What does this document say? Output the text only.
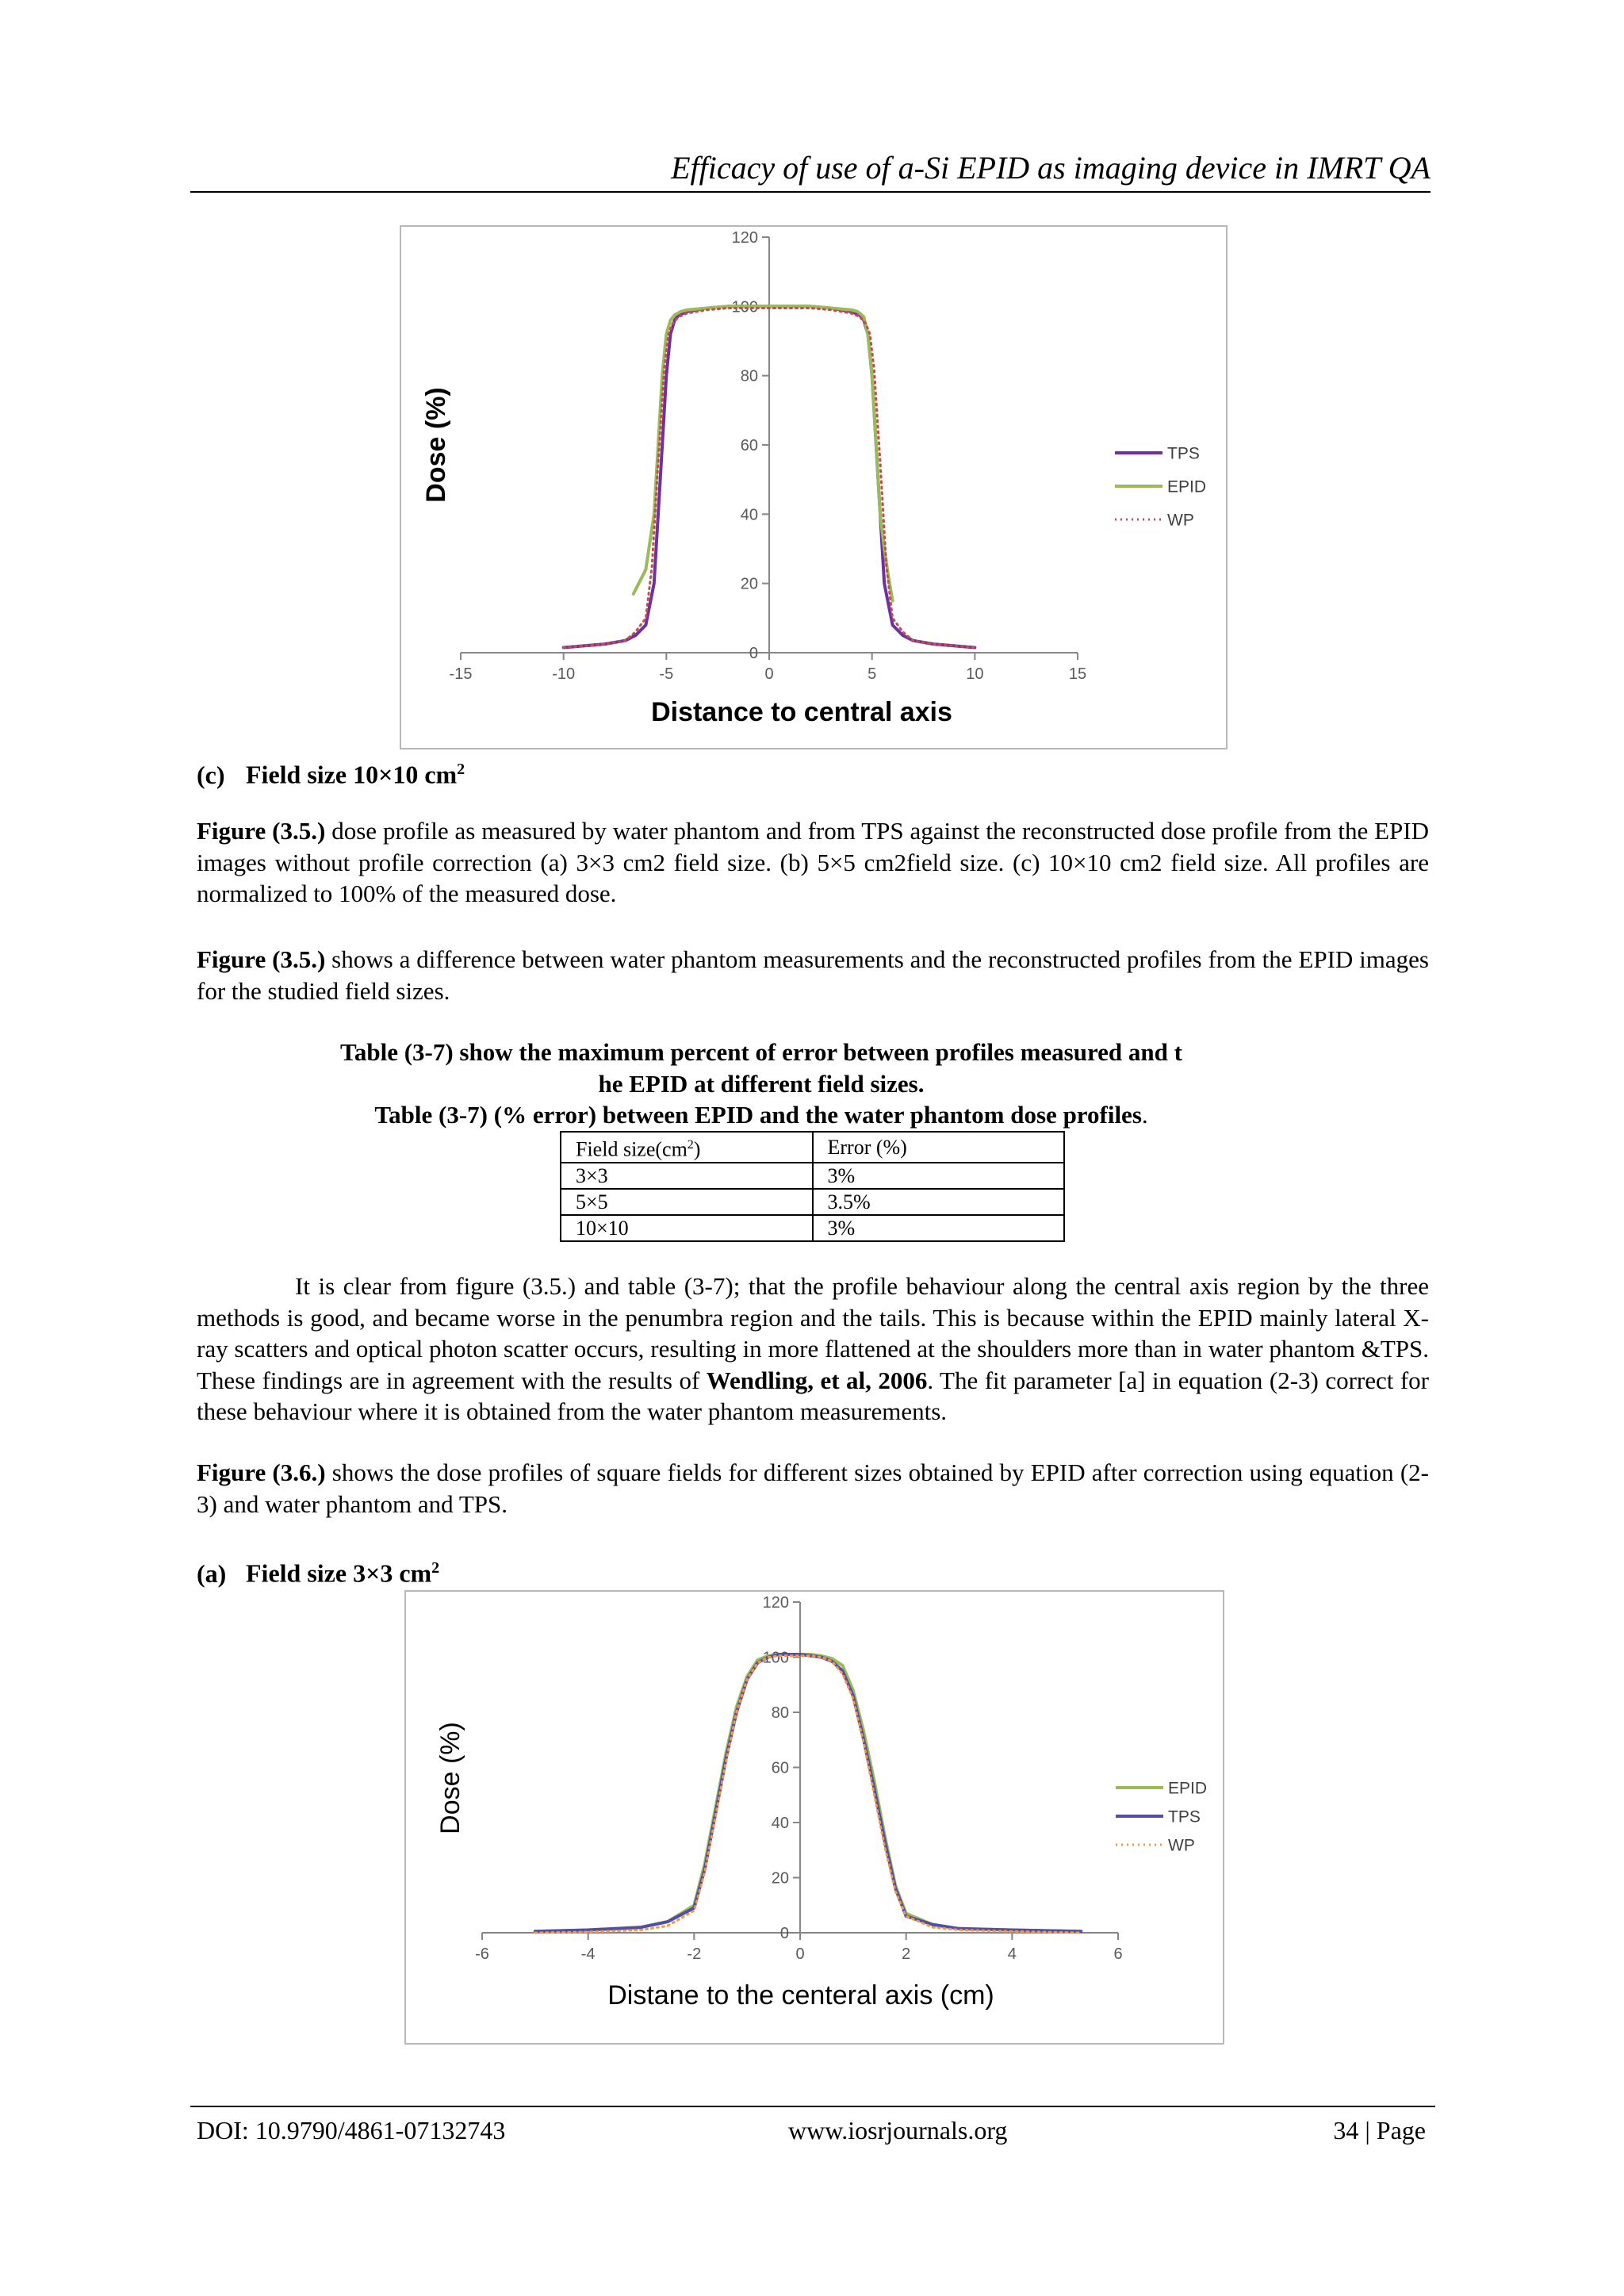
Efficacy of use of a-Si EPID as imaging device in IMRT QA
-15	-10	-5	0	5	10	15
0
20
40
60
80
100
120
Distance to central axis
Dose (%)	TPS
EPID
WP
(c) Field size 10×10 $cm^2$
Figure (3.5.) dose profile as measured by water phantom and from TPS against the reconstructed dose profile from the EPID images without profile correction (a) 3×3 cm2 field size. (b) 5×5 cm2field size. (c) 10×10 cm2 field size. All profiles are normalized to 100% of the measured dose.
Figure (3.5.) shows a difference between water phantom measurements and the reconstructed profiles from the EPID images for the studied field sizes.
Table (3-7) show the maximum percent of error between profiles measured and t
he EPID at different field sizes.
Table (3-7) (% error) between EPID and the water phantom dose profiles.
Field $size(cm^2)$	Error (%)
3×3	3%
5×5	3.5%
10×10	3%
It is clear from figure (3.5.) and table (3-7); that the profile behaviour along the central axis region by the three methods is good, and became worse in the penumbra region and the tails. This is because within the EPID mainly lateral X-ray scatters and optical photon scatter occurs, resulting in more flattened at the shoulders more than in water phantom &TPS. These findings are in agreement with the results of Wendling, et al, 2006. The fit parameter [a] in equation (2-3) correct for these behaviour where it is obtained from the water phantom measurements.
Figure (3.6.) shows the dose profiles of square fields for different sizes obtained by EPID after correction using equation (2-3) and water phantom and TPS.
(a) Field size 3×3 $cm^2$
-6	-4	-2	0	2	4	6
0
20
40
60
80
100
120
Distane to the centeral axis (cm)
Dose (%)	EPID
TPS
WP
DOI: 10.9790/4861-07132743	www.iosrjournals.org	34 | Page
